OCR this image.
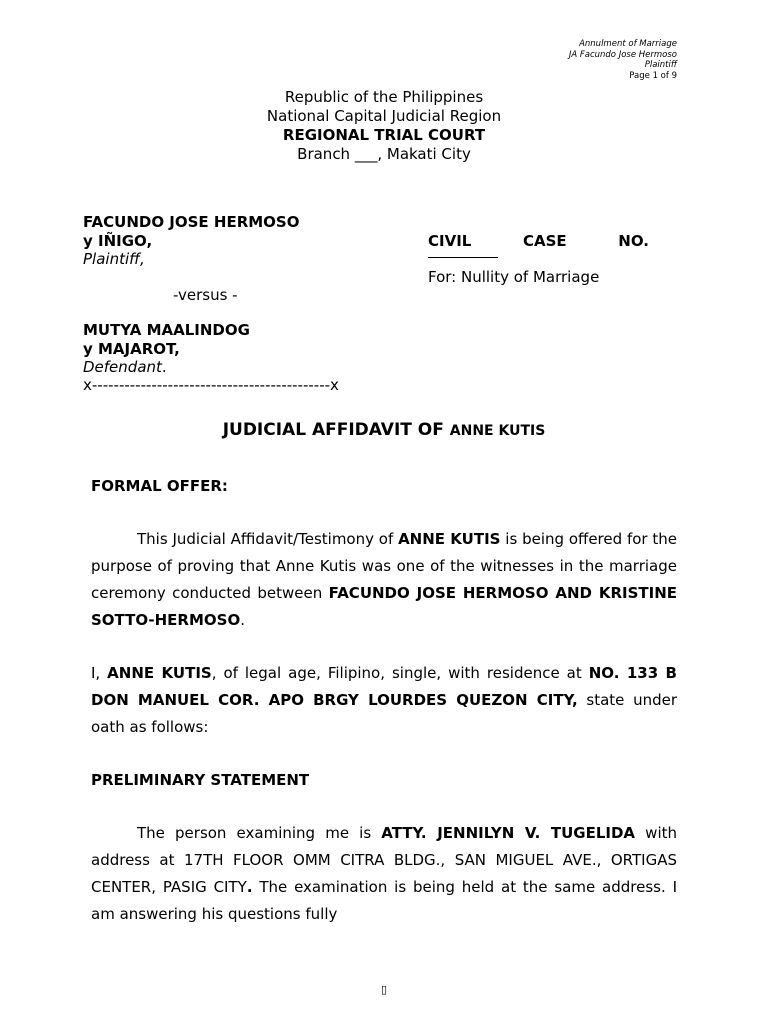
Annulment of Marriage
JA Facundo Jose Hermoso
Plaintiff
Page 1 of 9
Republic of the Philippines
National Capital Judicial Region
REGIONAL TRIAL COURT
Branch ___, Makati City
FACUNDO JOSE HERMOSO
y IÑIGO,
Plaintiff,
-versus -
MUTYA MAALINDOG
y MAJAROT,
Defendant.
x--------------------------------------------x
CIVIL	CASE	NO.
For: Nullity of Marriage
JUDICIAL AFFIDAVIT OF ANNE KUTIS
FORMAL OFFER:
This Judicial Affidavit/Testimony of ANNE KUTIS is being offered for the purpose of proving that Anne Kutis was one of the witnesses in the marriage ceremony conducted between FACUNDO JOSE HERMOSO AND KRISTINE SOTTO-HERMOSO.
I, ANNE KUTIS, of legal age, Filipino, single, with residence at NO. 133 B DON MANUEL COR. APO BRGY LOURDES QUEZON CITY, state under oath as follows:
PRELIMINARY STATEMENT
The person examining me is ATTY. JENNILYN V. TUGELIDA with address at 17TH FLOOR OMM CITRA BLDG., SAN MIGUEL AVE., ORTIGAS CENTER, PASIG CITY. The examination is being held at the same address. I am answering his questions fully
▯
